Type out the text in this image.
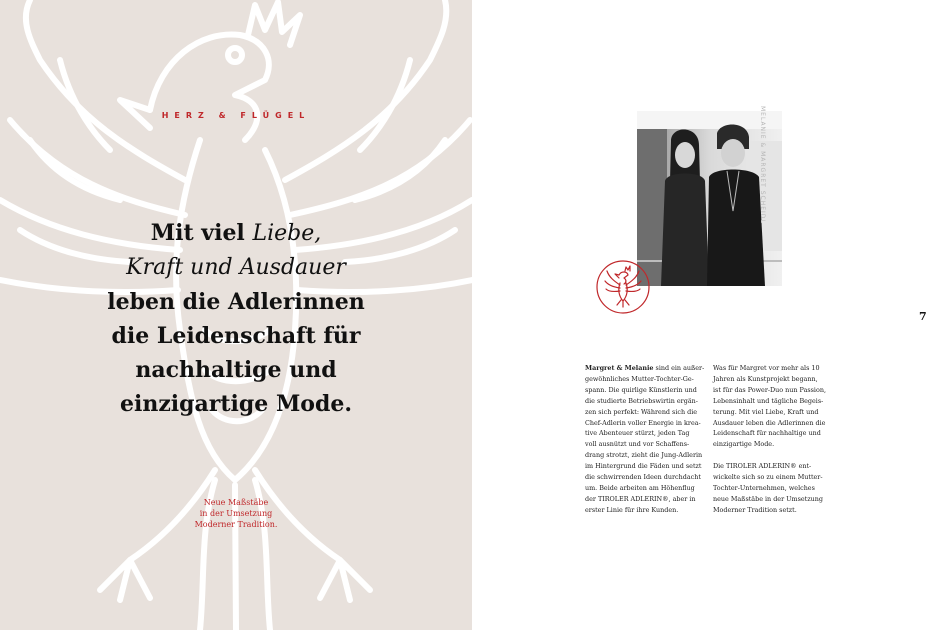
HERZ & FLÜGEL
Mit viel Liebe,
Kraft und Ausdauer
leben die Adlerinnen
die Leidenschaft für
nachhaltige und
einzigartige Mode.
Neue Maßstäbe
in der Umsetzung
Moderner Tradition.
MELANIE & MARGRET SCHEIDL
7
Margret & Melanie sind ein außer-
gewöhnliches Mutter-Tochter-Ge-
spann. Die quirlige Künstlerin und
die studierte Betriebswirtin ergän-
zen sich perfekt: Während sich die
Chef-Adlerin voller Energie in krea-
tive Abenteuer stürzt, jeden Tag
voll ausnützt und vor Schaffens-
drang strotzt, zieht die Jung-Adlerin
im Hintergrund die Fäden und setzt
die schwirrenden Ideen durchdacht
um. Beide arbeiten am Höhenflug
der TIROLER ADLERIN®, aber in
erster Linie für ihre Kunden.
Was für Margret vor mehr als 10
Jahren als Kunstprojekt begann,
ist für das Power-Duo nun Passion,
Lebensinhalt und tägliche Begeis-
terung. Mit viel Liebe, Kraft und
Ausdauer leben die Adlerinnen die
Leidenschaft für nachhaltige und
einzigartige Mode.
Die TIROLER ADLERIN® ent-
wickelte sich so zu einem Mutter-
Tochter-Unternehmen, welches
neue Maßstäbe in der Umsetzung
Moderner Tradition setzt.
